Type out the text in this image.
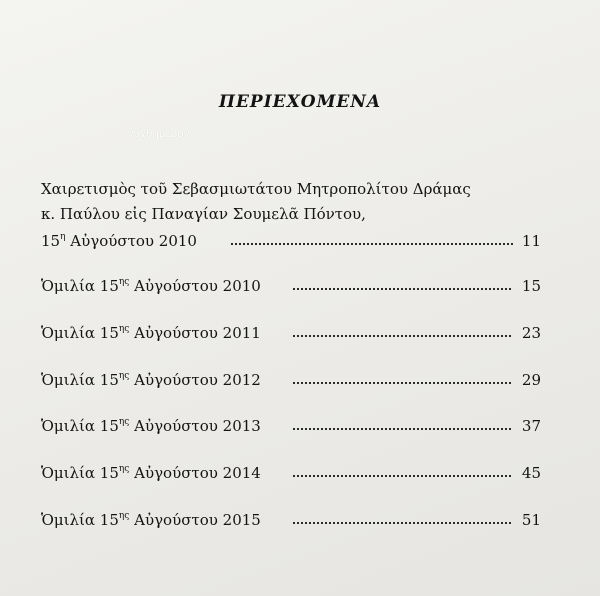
νυχθημερόν
ΠΕΡΙΕΧΟΜΕΝΑ
Χαιρετισμὸς τοῦ Σεβασμιωτάτου Μητροπολίτου Δράμας
κ. Παύλου εἰς Παναγίαν Σουμελᾶ Πόντου,
$15^\eta$ Αὐγούστου 2010	11
Ὁμιλία $15^{\eta\varsigma}$ Αὐγούστου 2010	15
Ὁμιλία $15^{\eta\varsigma}$ Αὐγούστου 2011	23
Ὁμιλία $15^{\eta\varsigma}$ Αὐγούστου 2012	29
Ὁμιλία $15^{\eta\varsigma}$ Αὐγούστου 2013	37
Ὁμιλία $15^{\eta\varsigma}$ Αὐγούστου 2014	45
Ὁμιλία $15^{\eta\varsigma}$ Αὐγούστου 2015	51
